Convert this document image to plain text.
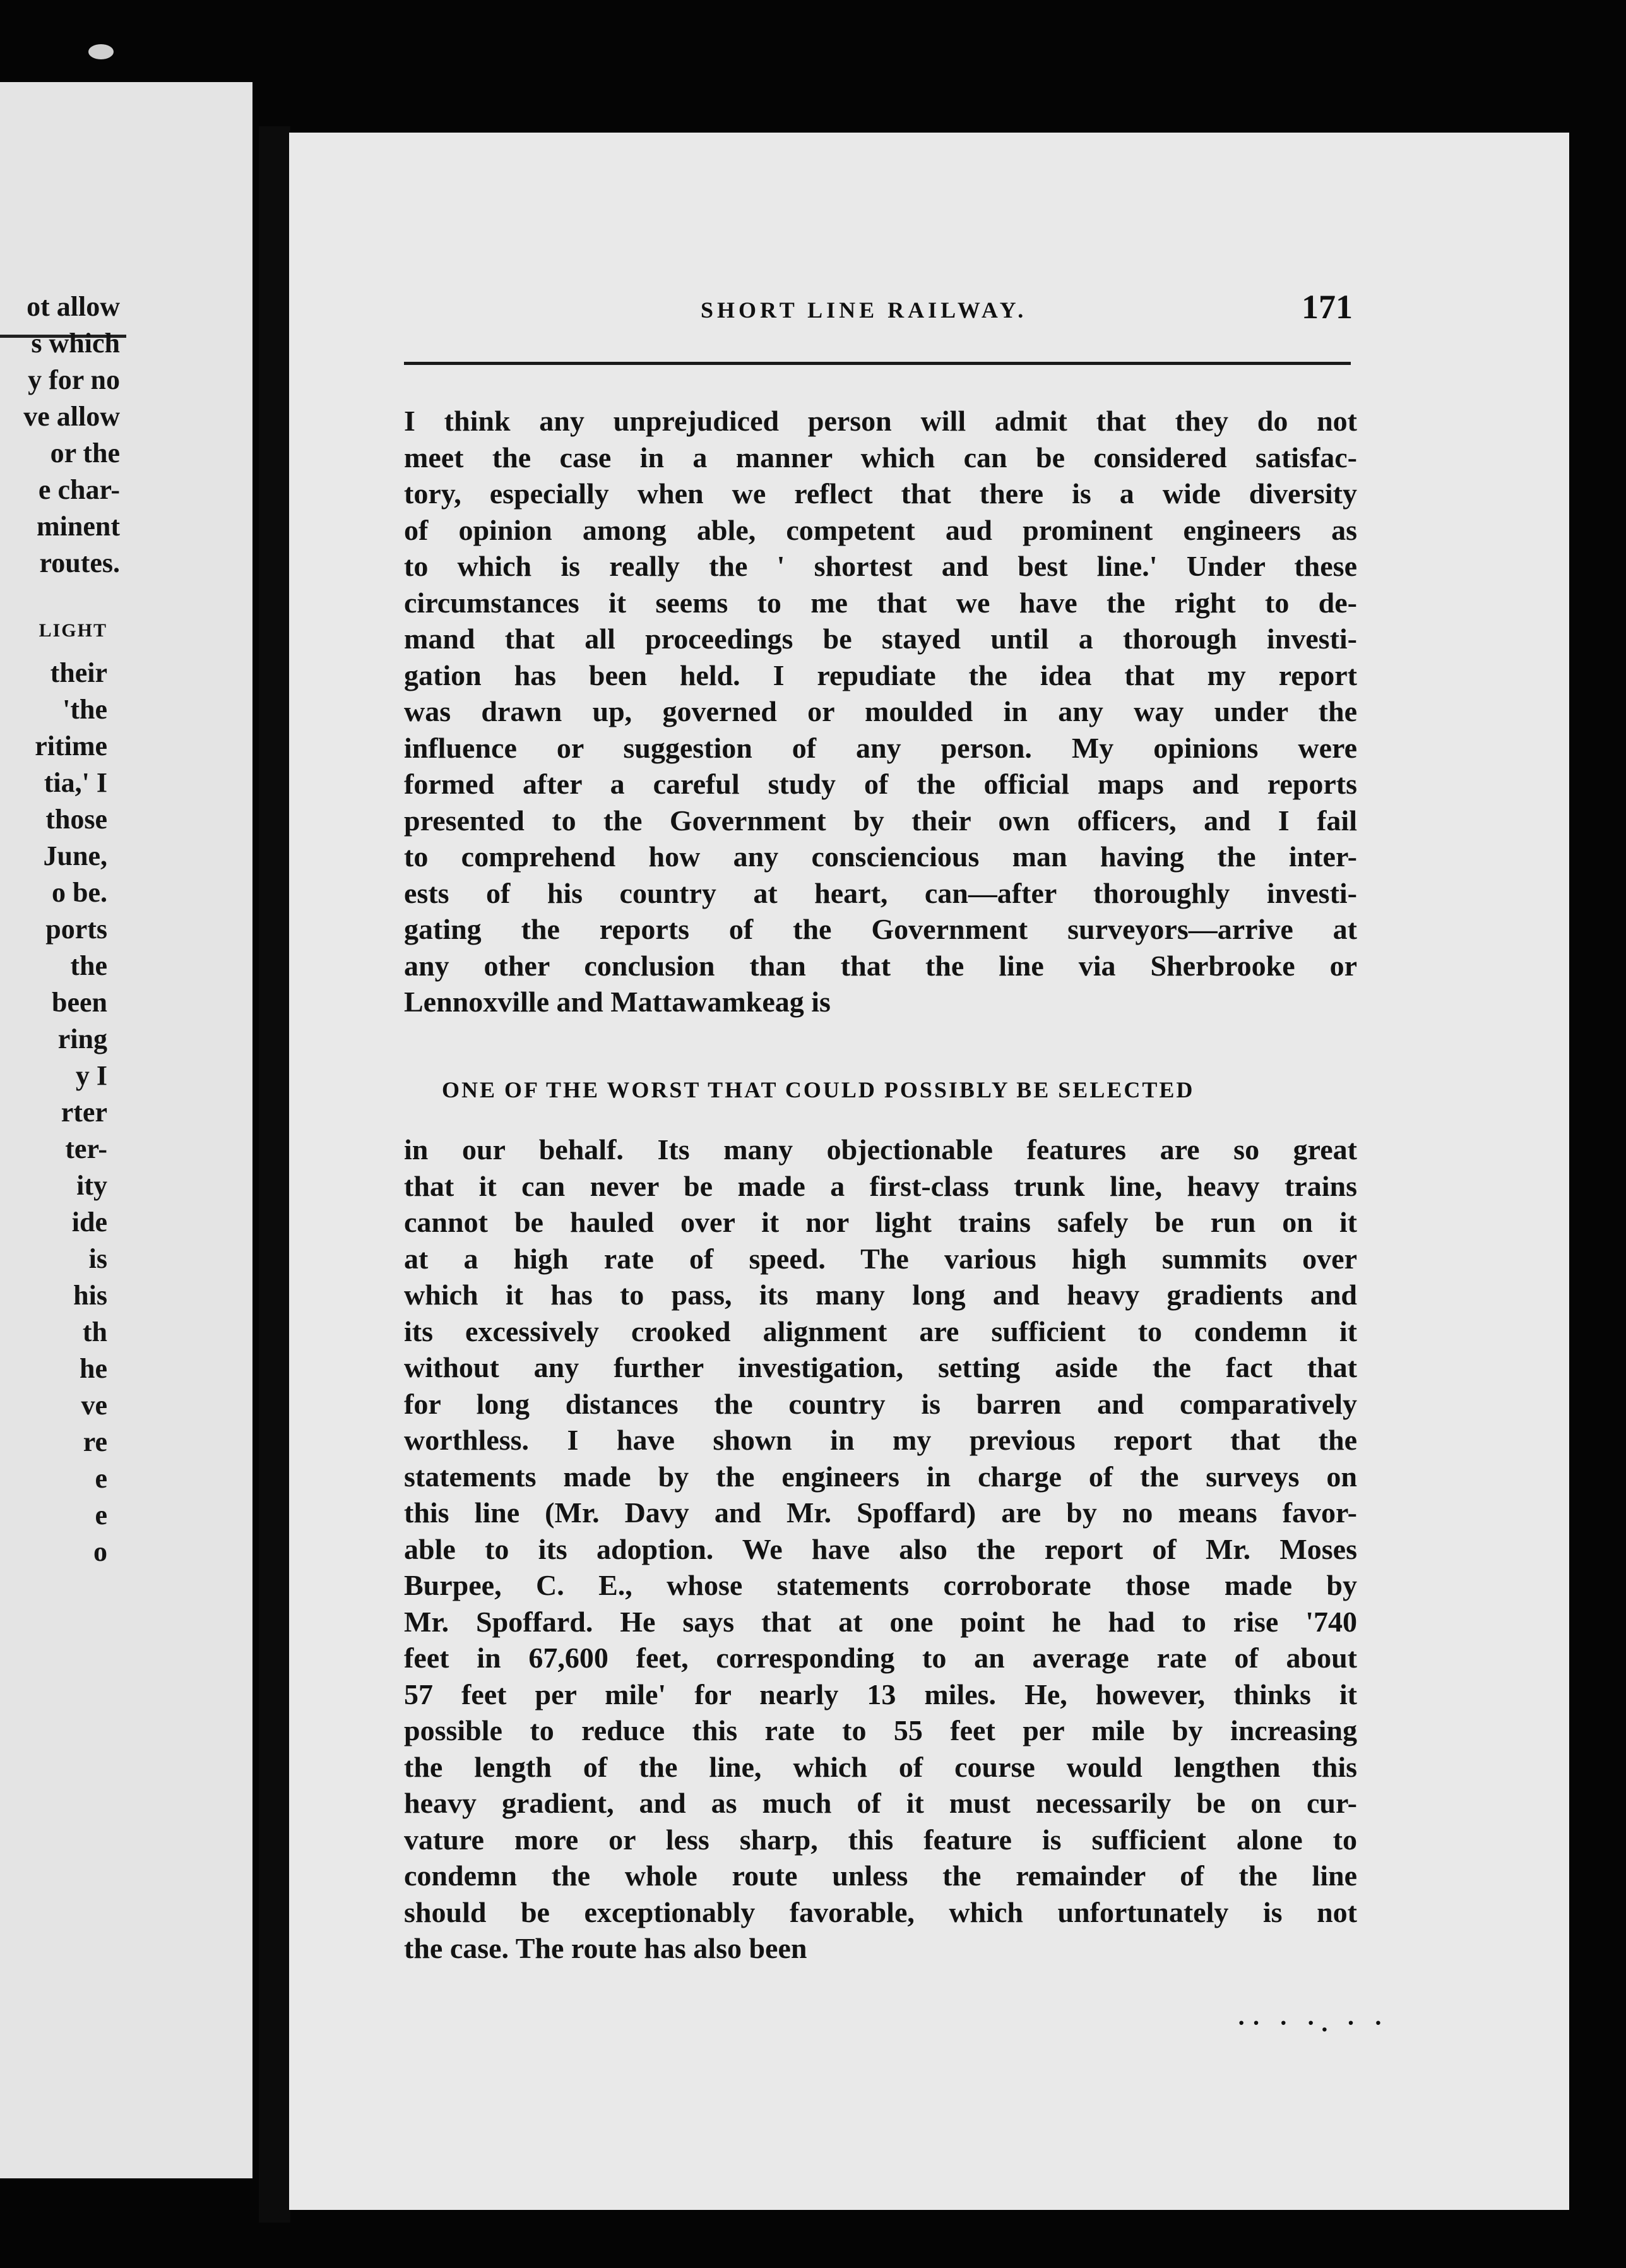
ot allow
s which
y for no
ve allow
or the
e char-
minent
routes.
LIGHT
their
'the
ritime
tia,' I
those
June,
o be.
ports
the
been
ring
y I
rter
ter-
ity
ide
is
his
th
he
ve
re
e
e
o
SHORT LINE RAILWAY.	171
I think any unprejudiced person will admit that they do not
meet the case in a manner which can be considered satisfac-
tory, especially when we reflect that there is a wide diversity
of opinion among able, competent aud prominent engineers as
to which is really the ' shortest and best line.' Under these
circumstances it seems to me that we have the right to de-
mand that all proceedings be stayed until a thorough investi-
gation has been held. I repudiate the idea that my report
was drawn up, governed or moulded in any way under the
influence or suggestion of any person. My opinions were
formed after a careful study of the official maps and reports
presented to the Government by their own officers, and I fail
to comprehend how any consciencious man having the inter-
ests of his country at heart, can—after thoroughly investi-
gating the reports of the Government surveyors—arrive at
any other conclusion than that the line via Sherbrooke or
Lennoxville and Mattawamkeag is
ONE OF THE WORST THAT COULD POSSIBLY BE SELECTED
in our behalf. Its many objectionable features are so great
that it can never be made a first-class trunk line, heavy trains
cannot be hauled over it nor light trains safely be run on it
at a high rate of speed. The various high summits over
which it has to pass, its many long and heavy gradients and
its excessively crooked alignment are sufficient to condemn it
without any further investigation, setting aside the fact that
for long distances the country is barren and comparatively
worthless. I have shown in my previous report that the
statements made by the engineers in charge of the surveys on
this line (Mr. Davy and Mr. Spoffard) are by no means favor-
able to its adoption. We have also the report of Mr. Moses
Burpee, C. E., whose statements corroborate those made by
Mr. Spoffard. He says that at one point he had to rise '740
feet in 67,600 feet, corresponding to an average rate of about
57 feet per mile' for nearly 13 miles. He, however, thinks it
possible to reduce this rate to 55 feet per mile by increasing
the length of the line, which of course would lengthen this
heavy gradient, and as much of it must necessarily be on cur-
vature more or less sharp, this feature is sufficient alone to
condemn the whole route unless the remainder of the line
should be exceptionably favorable, which unfortunately is not
the case. The route has also been
·· · ·. · ·
